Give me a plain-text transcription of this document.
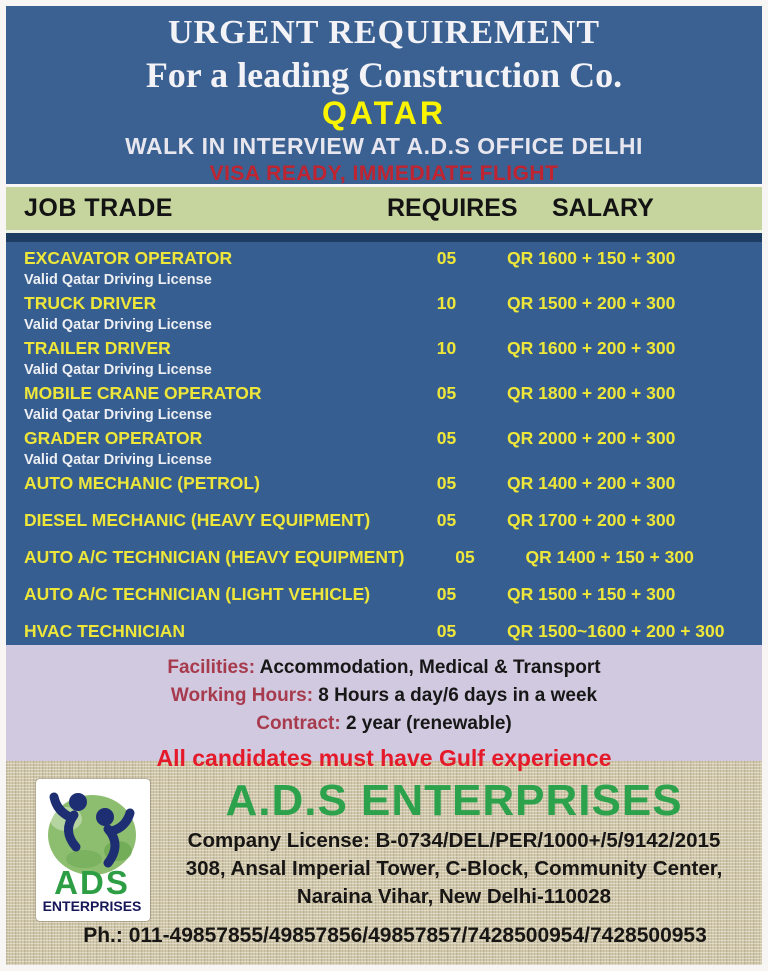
URGENT REQUIREMENT
For a leading Construction Co.
QATAR
WALK IN INTERVIEW AT A.D.S OFFICE DELHI
VISA READY, IMMEDIATE FLIGHT
JOB TRADE	REQUIRES	SALARY
EXCAVATOR OPERATOR	05	QR 1600 + 150 + 300
Valid Qatar Driving License
TRUCK DRIVER	10	QR 1500 + 200 + 300
Valid Qatar Driving License
TRAILER DRIVER	10	QR 1600 + 200 + 300
Valid Qatar Driving License
MOBILE CRANE OPERATOR	05	QR 1800 + 200 + 300
Valid Qatar Driving License
GRADER OPERATOR	05	QR 2000 + 200 + 300
Valid Qatar Driving License
AUTO MECHANIC (PETROL)	05	QR 1400 + 200 + 300
DIESEL MECHANIC (HEAVY EQUIPMENT)	05	QR 1700 + 200 + 300
AUTO A/C TECHNICIAN (HEAVY EQUIPMENT)	05	QR 1400 + 150 + 300
AUTO A/C TECHNICIAN (LIGHT VEHICLE)	05	QR 1500 + 150 + 300
HVAC TECHNICIAN	05	QR 1500~1600 + 200 + 300
Facilities: Accommodation, Medical & Transport
Working Hours: 8 Hours a day/6 days in a week
Contract: 2 year (renewable)
All candidates must have Gulf experience
ADS
ENTERPRISES
A.D.S ENTERPRISES
Company License: B-0734/DEL/PER/1000+/5/9142/2015
308, Ansal Imperial Tower, C-Block, Community Center,
Naraina Vihar, New Delhi-110028
Ph.: 011-49857855/49857856/49857857/7428500954/7428500953
